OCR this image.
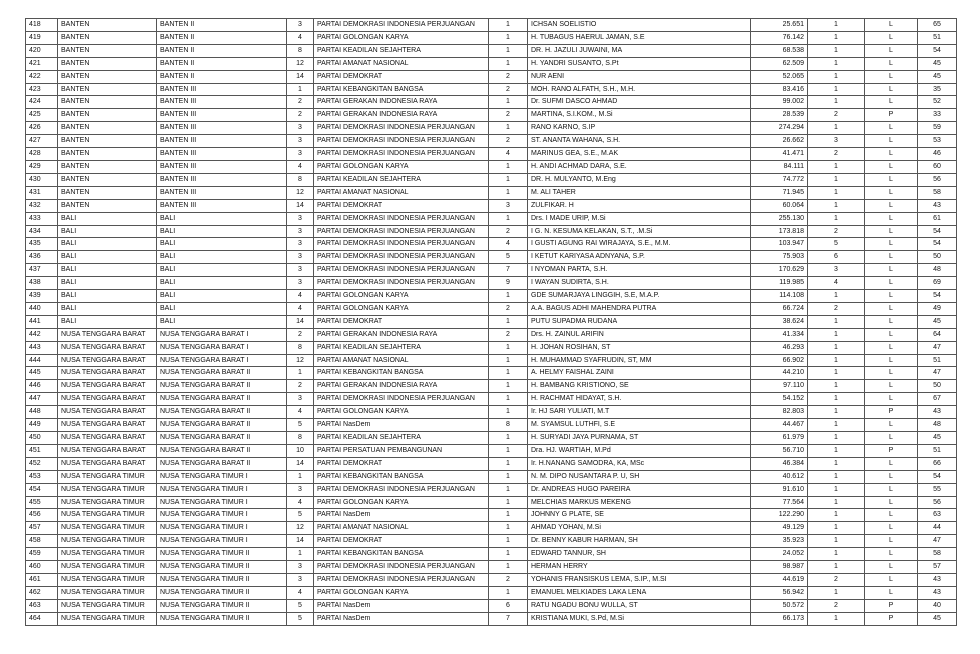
418	BANTEN	BANTEN II	3	PARTAI DEMOKRASI INDONESIA PERJUANGAN	1	ICHSAN SOELISTIO	25.651	1	L	65
419	BANTEN	BANTEN II	4	PARTAI GOLONGAN KARYA	1	H. TUBAGUS HAERUL JAMAN, S.E	76.142	1	L	51
420	BANTEN	BANTEN II	8	PARTAI KEADILAN SEJAHTERA	1	DR. H. JAZULI JUWAINI, MA	68.538	1	L	54
421	BANTEN	BANTEN II	12	PARTAI AMANAT NASIONAL	1	H. YANDRI SUSANTO, S.Pt	62.509	1	L	45
422	BANTEN	BANTEN II	14	PARTAI DEMOKRAT	2	NUR AENI	52.065	1	L	45
423	BANTEN	BANTEN III	1	PARTAI KEBANGKITAN BANGSA	2	MOH. RANO ALFATH, S.H., M.H.	83.416	1	L	35
424	BANTEN	BANTEN III	2	PARTAI GERAKAN INDONESIA RAYA	1	Dr. SUFMI DASCO AHMAD	99.002	1	L	52
425	BANTEN	BANTEN III	2	PARTAI GERAKAN INDONESIA RAYA	2	MARTINA, S.I.KOM., M.Si	28.539	2	P	33
426	BANTEN	BANTEN III	3	PARTAI DEMOKRASI INDONESIA PERJUANGAN	1	RANO KARNO, S.IP	274.294	1	L	59
427	BANTEN	BANTEN III	3	PARTAI DEMOKRASI INDONESIA PERJUANGAN	2	ST. ANANTA WAHANA, S.H.	26.662	3	L	53
428	BANTEN	BANTEN III	3	PARTAI DEMOKRASI INDONESIA PERJUANGAN	4	MARINUS GEA, S.E., M.AK	41.471	2	L	46
429	BANTEN	BANTEN III	4	PARTAI GOLONGAN KARYA	1	H. ANDI ACHMAD DARA, S.E.	84.111	1	L	60
430	BANTEN	BANTEN III	8	PARTAI KEADILAN SEJAHTERA	1	DR. H. MULYANTO, M.Eng	74.772	1	L	56
431	BANTEN	BANTEN III	12	PARTAI AMANAT NASIONAL	1	M. ALI TAHER	71.945	1	L	58
432	BANTEN	BANTEN III	14	PARTAI DEMOKRAT	3	ZULFIKAR. H	60.064	1	L	43
433	BALI	BALI	3	PARTAI DEMOKRASI INDONESIA PERJUANGAN	1	Drs. I MADE URIP, M.Si	255.130	1	L	61
434	BALI	BALI	3	PARTAI DEMOKRASI INDONESIA PERJUANGAN	2	I G. N. KESUMA KELAKAN, S.T., .M.Si	173.818	2	L	54
435	BALI	BALI	3	PARTAI DEMOKRASI INDONESIA PERJUANGAN	4	I GUSTI AGUNG RAI WIRAJAYA, S.E., M.M.	103.947	5	L	54
436	BALI	BALI	3	PARTAI DEMOKRASI INDONESIA PERJUANGAN	5	I KETUT KARIYASA ADNYANA, S.P.	75.903	6	L	50
437	BALI	BALI	3	PARTAI DEMOKRASI INDONESIA PERJUANGAN	7	I NYOMAN PARTA, S.H.	170.629	3	L	48
438	BALI	BALI	3	PARTAI DEMOKRASI INDONESIA PERJUANGAN	9	I WAYAN SUDIRTA, S.H.	119.985	4	L	69
439	BALI	BALI	4	PARTAI GOLONGAN KARYA	1	GDE SUMARJAYA LINGGIH, S.E, M.A.P.	114.108	1	L	54
440	BALI	BALI	4	PARTAI GOLONGAN KARYA	2	A.A. BAGUS ADHI MAHENDRA PUTRA	66.724	2	L	49
441	BALI	BALI	14	PARTAI DEMOKRAT	1	PUTU SUPADMA RUDANA	38.624	1	L	45
442	NUSA TENGGARA BARAT	NUSA TENGGARA BARAT I	2	PARTAI GERAKAN INDONESIA RAYA	2	Drs. H. ZAINUL ARIFIN	41.334	1	L	64
443	NUSA TENGGARA BARAT	NUSA TENGGARA BARAT I	8	PARTAI KEADILAN SEJAHTERA	1	H. JOHAN ROSIHAN, ST	46.293	1	L	47
444	NUSA TENGGARA BARAT	NUSA TENGGARA BARAT I	12	PARTAI AMANAT NASIONAL	1	H. MUHAMMAD SYAFRUDIN, ST, MM	66.902	1	L	51
445	NUSA TENGGARA BARAT	NUSA TENGGARA BARAT II	1	PARTAI KEBANGKITAN BANGSA	1	A. HELMY FAISHAL ZAINI	44.210	1	L	47
446	NUSA TENGGARA BARAT	NUSA TENGGARA BARAT II	2	PARTAI GERAKAN INDONESIA RAYA	1	H. BAMBANG KRISTIONO, SE	97.110	1	L	50
447	NUSA TENGGARA BARAT	NUSA TENGGARA BARAT II	3	PARTAI DEMOKRASI INDONESIA PERJUANGAN	1	H. RACHMAT HIDAYAT, S.H.	54.152	1	L	67
448	NUSA TENGGARA BARAT	NUSA TENGGARA BARAT II	4	PARTAI GOLONGAN KARYA	1	Ir. HJ SARI YULIATI, M.T	82.803	1	P	43
449	NUSA TENGGARA BARAT	NUSA TENGGARA BARAT II	5	PARTAI NasDem	8	M. SYAMSUL LUTHFI, S.E	44.467	1	L	48
450	NUSA TENGGARA BARAT	NUSA TENGGARA BARAT II	8	PARTAI KEADILAN SEJAHTERA	1	H. SURYADI JAYA PURNAMA, ST	61.979	1	L	45
451	NUSA TENGGARA BARAT	NUSA TENGGARA BARAT II	10	PARTAI PERSATUAN PEMBANGUNAN	1	Dra. HJ. WARTIAH, M.Pd	56.710	1	P	51
452	NUSA TENGGARA BARAT	NUSA TENGGARA BARAT II	14	PARTAI DEMOKRAT	1	Ir. H.NANANG SAMODRA, KA, MSc	46.384	1	L	66
453	NUSA TENGGARA TIMUR	NUSA TENGGARA TIMUR I	1	PARTAI KEBANGKITAN BANGSA	1	N. M. DIPO NUSANTARA P. U, SH	40.612	1	L	54
454	NUSA TENGGARA TIMUR	NUSA TENGGARA TIMUR I	3	PARTAI DEMOKRASI INDONESIA PERJUANGAN	1	Dr. ANDREAS HUGO PAREIRA	91.610	1	L	55
455	NUSA TENGGARA TIMUR	NUSA TENGGARA TIMUR I	4	PARTAI GOLONGAN KARYA	1	MELCHIAS MARKUS MEKENG	77.564	1	L	56
456	NUSA TENGGARA TIMUR	NUSA TENGGARA TIMUR I	5	PARTAI NasDem	1	JOHNNY G PLATE, SE	122.290	1	L	63
457	NUSA TENGGARA TIMUR	NUSA TENGGARA TIMUR I	12	PARTAI AMANAT NASIONAL	1	AHMAD YOHAN, M.Si	49.129	1	L	44
458	NUSA TENGGARA TIMUR	NUSA TENGGARA TIMUR I	14	PARTAI DEMOKRAT	1	Dr. BENNY KABUR HARMAN, SH	35.923	1	L	47
459	NUSA TENGGARA TIMUR	NUSA TENGGARA TIMUR II	1	PARTAI KEBANGKITAN BANGSA	1	EDWARD TANNUR, SH	24.052	1	L	58
460	NUSA TENGGARA TIMUR	NUSA TENGGARA TIMUR II	3	PARTAI DEMOKRASI INDONESIA PERJUANGAN	1	HERMAN HERRY	98.987	1	L	57
461	NUSA TENGGARA TIMUR	NUSA TENGGARA TIMUR II	3	PARTAI DEMOKRASI INDONESIA PERJUANGAN	2	YOHANIS FRANSISKUS LEMA, S.IP., M.SI	44.619	2	L	43
462	NUSA TENGGARA TIMUR	NUSA TENGGARA TIMUR II	4	PARTAI GOLONGAN KARYA	1	EMANUEL MELKIADES LAKA LENA	56.942	1	L	43
463	NUSA TENGGARA TIMUR	NUSA TENGGARA TIMUR II	5	PARTAI NasDem	6	RATU NGADU BONU WULLA, ST	50.572	2	P	40
464	NUSA TENGGARA TIMUR	NUSA TENGGARA TIMUR II	5	PARTAI NasDem	7	KRISTIANA MUKI, S.Pd, M.Si	66.173	1	P	45
